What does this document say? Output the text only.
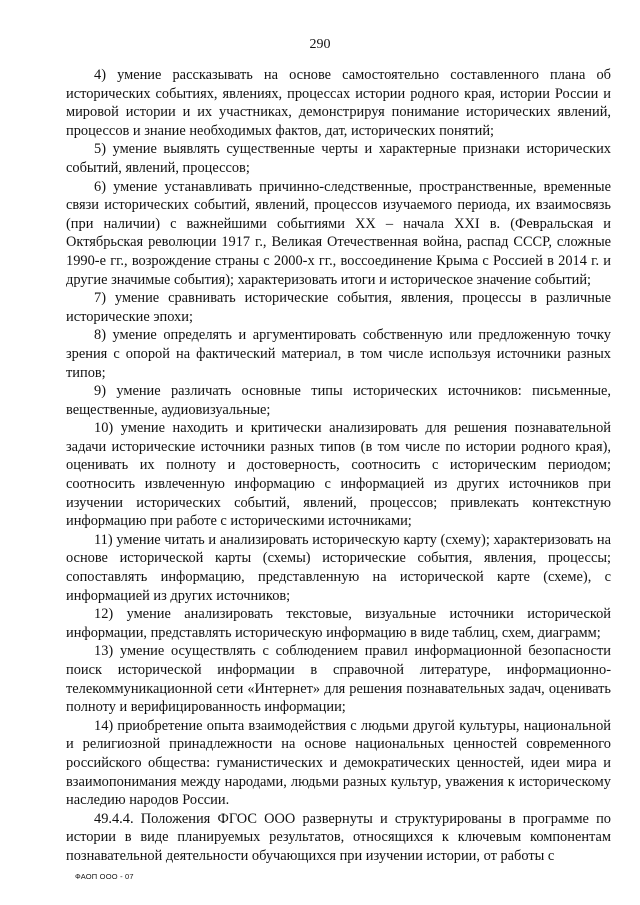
290

4) умение рассказывать на основе самостоятельно составленного плана об исторических событиях, явлениях, процессах истории родного края, истории России и мировой истории и их участниках, демонстрируя понимание исторических явлений, процессов и знание необходимых фактов, дат, исторических понятий;

5) умение выявлять существенные черты и характерные признаки исторических событий, явлений, процессов;

6) умение устанавливать причинно-следственные, пространственные, временные связи исторических событий, явлений, процессов изучаемого периода, их взаимосвязь (при наличии) с важнейшими событиями XX – начала XXI в. (Февральская и Октябрьская революции 1917 г., Великая Отечественная война, распад СССР, сложные 1990-е гг., возрождение страны с 2000-х гг., воссоединение Крыма с Россией в 2014 г. и другие значимые события); характеризовать итоги и историческое значение событий;

7) умение сравнивать исторические события, явления, процессы в различные исторические эпохи;

8) умение определять и аргументировать собственную или предложенную точку зрения с опорой на фактический материал, в том числе используя источники разных типов;

9) умение различать основные типы исторических источников: письменные, вещественные, аудиовизуальные;

10) умение находить и критически анализировать для решения познавательной задачи исторические источники разных типов (в том числе по истории родного края), оценивать их полноту и достоверность, соотносить с историческим периодом; соотносить извлеченную информацию с информацией из других источников при изучении исторических событий, явлений, процессов; привлекать контекстную информацию при работе с историческими источниками;

11) умение читать и анализировать историческую карту (схему); характеризовать на основе исторической карты (схемы) исторические события, явления, процессы; сопоставлять информацию, представленную на исторической карте (схеме), с информацией из других источников;

12) умение анализировать текстовые, визуальные источники исторической информации, представлять историческую информацию в виде таблиц, схем, диаграмм;

13) умение осуществлять с соблюдением правил информационной безопасности поиск исторической информации в справочной литературе, информационно-телекоммуникационной сети «Интернет» для решения познавательных задач, оценивать полноту и верифицированность информации;

14) приобретение опыта взаимодействия с людьми другой культуры, национальной и религиозной принадлежности на основе национальных ценностей современного российского общества: гуманистических и демократических ценностей, идеи мира и взаимопонимания между народами, людьми разных культур, уважения к историческому наследию народов России.

49.4.4. Положения ФГОС ООО развернуты и структурированы в программе по истории в виде планируемых результатов, относящихся к ключевым компонентам познавательной деятельности обучающихся при изучении истории, от работы с

ФАОП ООО - 07
